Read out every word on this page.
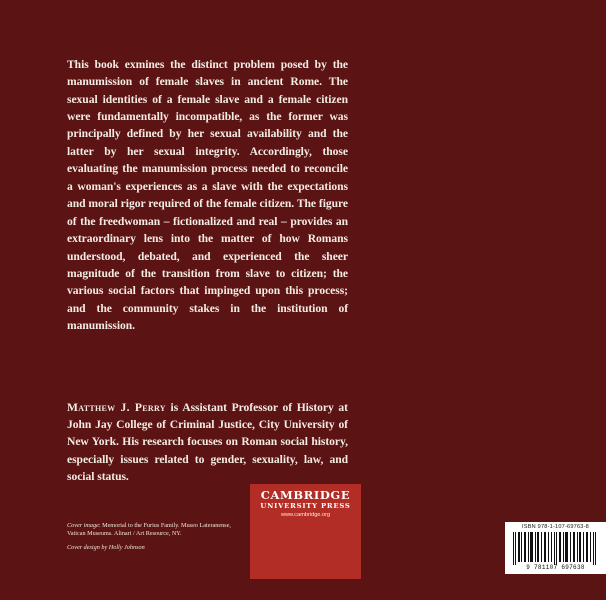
This book exmines the distinct problem posed by the manumission of female slaves in ancient Rome. The sexual identities of a female slave and a female citizen were fundamentally incompatible, as the former was principally defined by her sexual availability and the latter by her sexual integrity. Accordingly, those evaluating the manumission process needed to reconcile a woman's experiences as a slave with the expectations and moral rigor required of the female citizen. The figure of the freedwoman – fictionalized and real – provides an extraordinary lens into the matter of how Romans understood, debated, and experienced the sheer magnitude of the transition from slave to citizen; the various social factors that impinged upon this process; and the community stakes in the institution of manumission.

Matthew J. Perry is Assistant Professor of History at John Jay College of Criminal Justice, City University of New York. His research focuses on Roman social history, especially issues related to gender, sexuality, law, and social status.

Cover image: Memorial to the Furius Family. Museo Lateranense, Vatican Museums. Alinari / Art Resource, NY.
Cover design by Holly Johnson
CAMBRIDGE
UNIVERSITY PRESS
www.cambridge.org
ISBN 978-1-107-69763-8
9 781107 697638
